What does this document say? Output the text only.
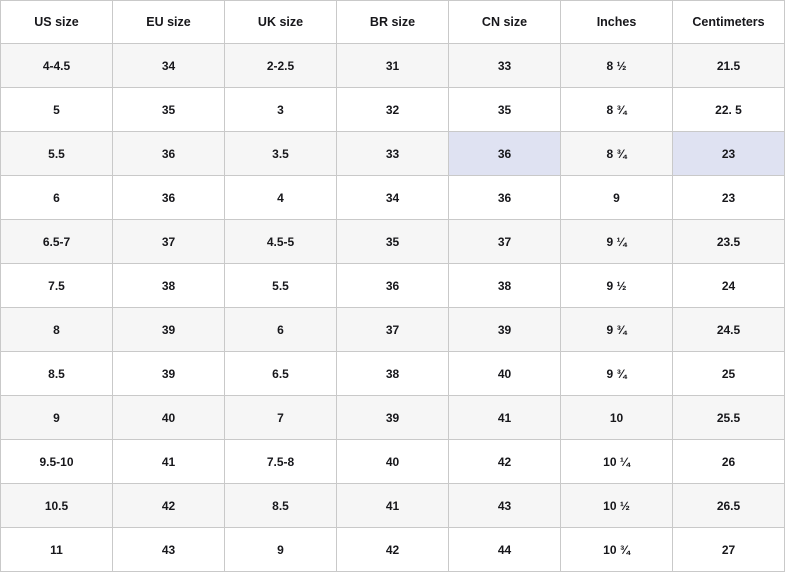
US size	EU size	UK size	BR size	CN size	Inches	Centimeters
4-4.5	34	2-2.5	31	33	8 ½	21.5
5	35	3	32	35	8 ¾	22. 5
5.5	36	3.5	33	36	8 ¾	23
6	36	4	34	36	9	23
6.5-7	37	4.5-5	35	37	9 ¼	23.5
7.5	38	5.5	36	38	9 ½	24
8	39	6	37	39	9 ¾	24.5
8.5	39	6.5	38	40	9 ¾	25
9	40	7	39	41	10	25.5
9.5-10	41	7.5-8	40	42	10 ¼	26
10.5	42	8.5	41	43	10 ½	26.5
11	43	9	42	44	10 ¾	27
